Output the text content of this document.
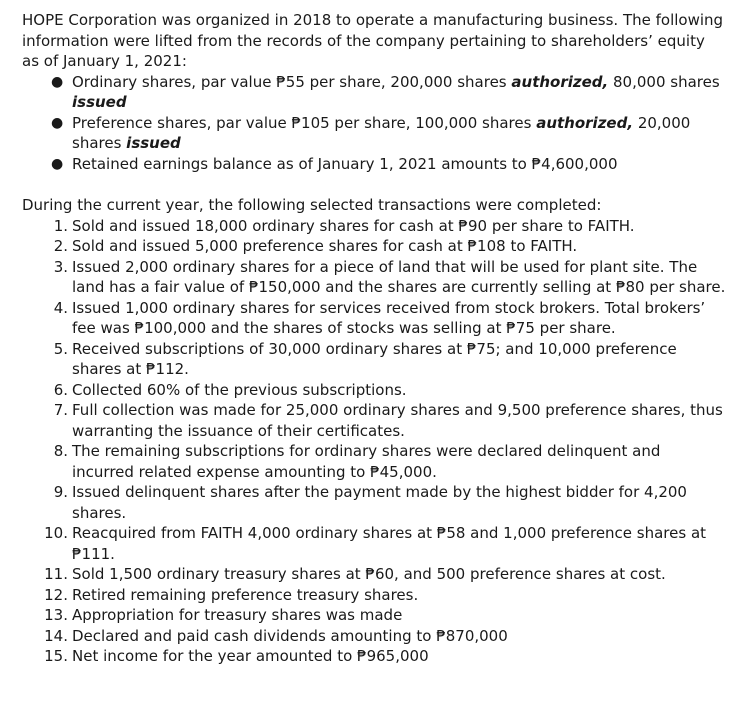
HOPE Corporation was organized in 2018 to operate a manufacturing business. The following information were lifted from the records of the company pertaining to shareholders’ equity as of January 1, 2021:

● Ordinary shares, par value ₱55 per share, 200,000 shares authorized, 80,000 shares issued
● Preference shares, par value ₱105 per share, 100,000 shares authorized, 20,000 shares issued
● Retained earnings balance as of January 1, 2021 amounts to ₱4,600,000

During the current year, the following selected transactions were completed:

1. Sold and issued 18,000 ordinary shares for cash at ₱90 per share to FAITH.
2. Sold and issued 5,000 preference shares for cash at ₱108 to FAITH.
3. Issued 2,000 ordinary shares for a piece of land that will be used for plant site. The land has a fair value of ₱150,000 and the shares are currently selling at ₱80 per share.
4. Issued 1,000 ordinary shares for services received from stock brokers. Total brokers’ fee was ₱100,000 and the shares of stocks was selling at ₱75 per share.
5. Received subscriptions of 30,000 ordinary shares at ₱75; and 10,000 preference shares at ₱112.
6. Collected 60% of the previous subscriptions.
7. Full collection was made for 25,000 ordinary shares and 9,500 preference shares, thus warranting the issuance of their certificates.
8. The remaining subscriptions for ordinary shares were declared delinquent and incurred related expense amounting to ₱45,000.
9. Issued delinquent shares after the payment made by the highest bidder for 4,200 shares.
10. Reacquired from FAITH 4,000 ordinary shares at ₱58 and 1,000 preference shares at ₱111.
11. Sold 1,500 ordinary treasury shares at ₱60, and 500 preference shares at cost.
12. Retired remaining preference treasury shares.
13. Appropriation for treasury shares was made
14. Declared and paid cash dividends amounting to ₱870,000
15. Net income for the year amounted to ₱965,000
